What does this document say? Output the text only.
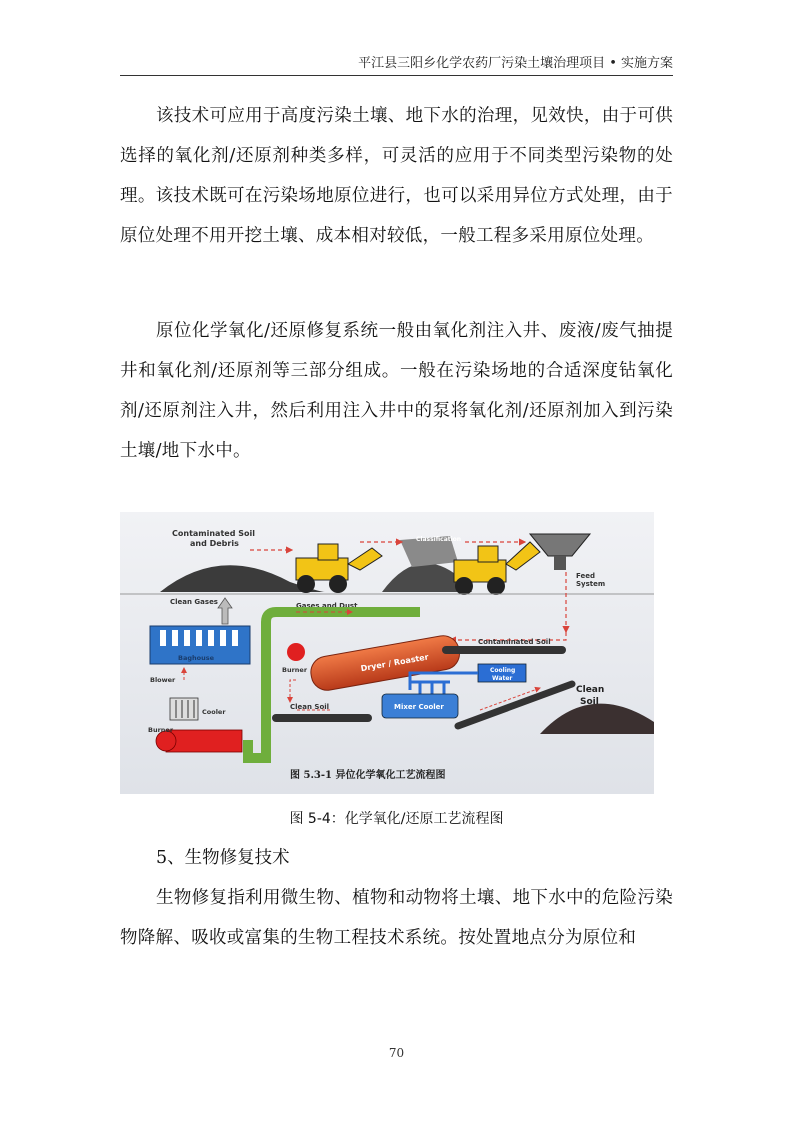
平江县三阳乡化学农药厂污染土壤治理项目 • 实施方案

该技术可应用于高度污染土壤、地下水的治理，见效快，由于可供选择的氧化剂/还原剂种类多样，可灵活的应用于不同类型污染物的处理。该技术既可在污染场地原位进行，也可以采用异位方式处理，由于原位处理不用开挖土壤、成本相对较低，一般工程多采用原位处理。

原位化学氧化/还原修复系统一般由氧化剂注入井、废液/废气抽提井和氧化剂/还原剂等三部分组成。一般在污染场地的合适深度钻氧化剂/还原剂注入井，然后利用注入井中的泵将氧化剂/还原剂加入到污染土壤/地下水中。

Contaminated Soil
and Debris	Classification
Feed
System
Clean Gases	Gases and Dust
Baghouse	Dryer / Roaster
Burner
Contaminated Soil
Cooling
Water
Blower
Cooler
Burner
Clean Soil	Mixer Cooler
Clean
Soil
图 5.3-1 异位化学氧化工艺流程图
图 5-4：化学氧化/还原工艺流程图
5、生物修复技术

生物修复指利用微生物、植物和动物将土壤、地下水中的危险污染物降解、吸收或富集的生物工程技术系统。按处置地点分为原位和

70
